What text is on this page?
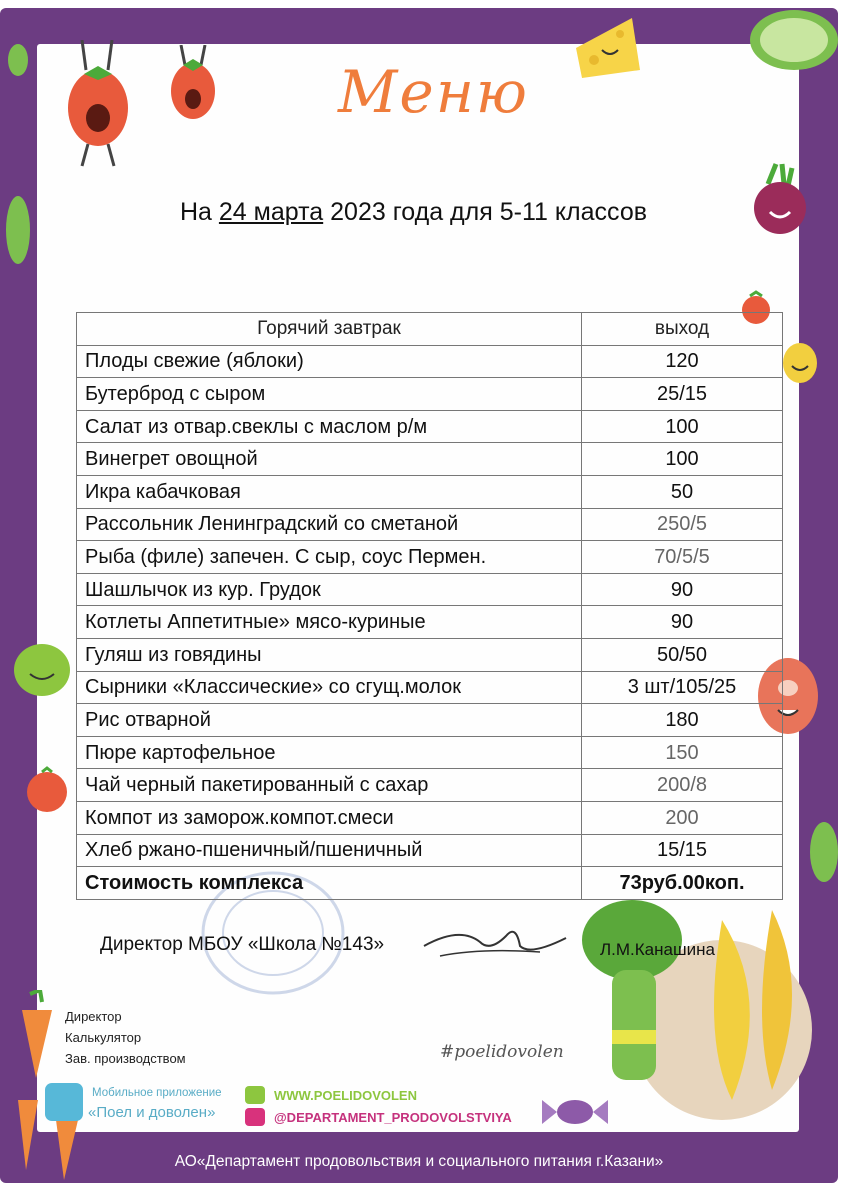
Меню
На 24 марта 2023 года для 5-11 классов
Горячий завтрак	выход
Плоды свежие (яблоки)	120
Бутерброд с сыром	25/15
Салат из отвар.свеклы с маслом р/м	100
Винегрет овощной	100
Икра кабачковая	50
Рассольник Ленинградский со сметаной	250/5
Рыба (филе) запечен. С сыр, соус Пермен.	70/5/5
Шашлычок из кур. Грудок	90
Котлеты Аппетитные» мясо-куриные	90
Гуляш из говядины	50/50
Сырники «Классические» со сгущ.молок	3 шт/105/25
Рис отварной	180
Пюре картофельное	150
Чай черный пакетированный с сахар	200/8
Компот из заморож.компот.смеси	200
Хлеб ржано-пшеничный/пшеничный	15/15
Стоимость комплекса	73руб.00коп.
Директор МБОУ «Школа №143»	Л.М.Канашина
Директор
Калькулятор
Зав. производством	#poelidovolen
Мобильное приложение
«Поел и доволен»
WWW.POELIDOVOLEN
@DEPARTAMENT_PRODOVOLSTVIYA
АО«Департамент продовольствия и социального питания г.Казани»
